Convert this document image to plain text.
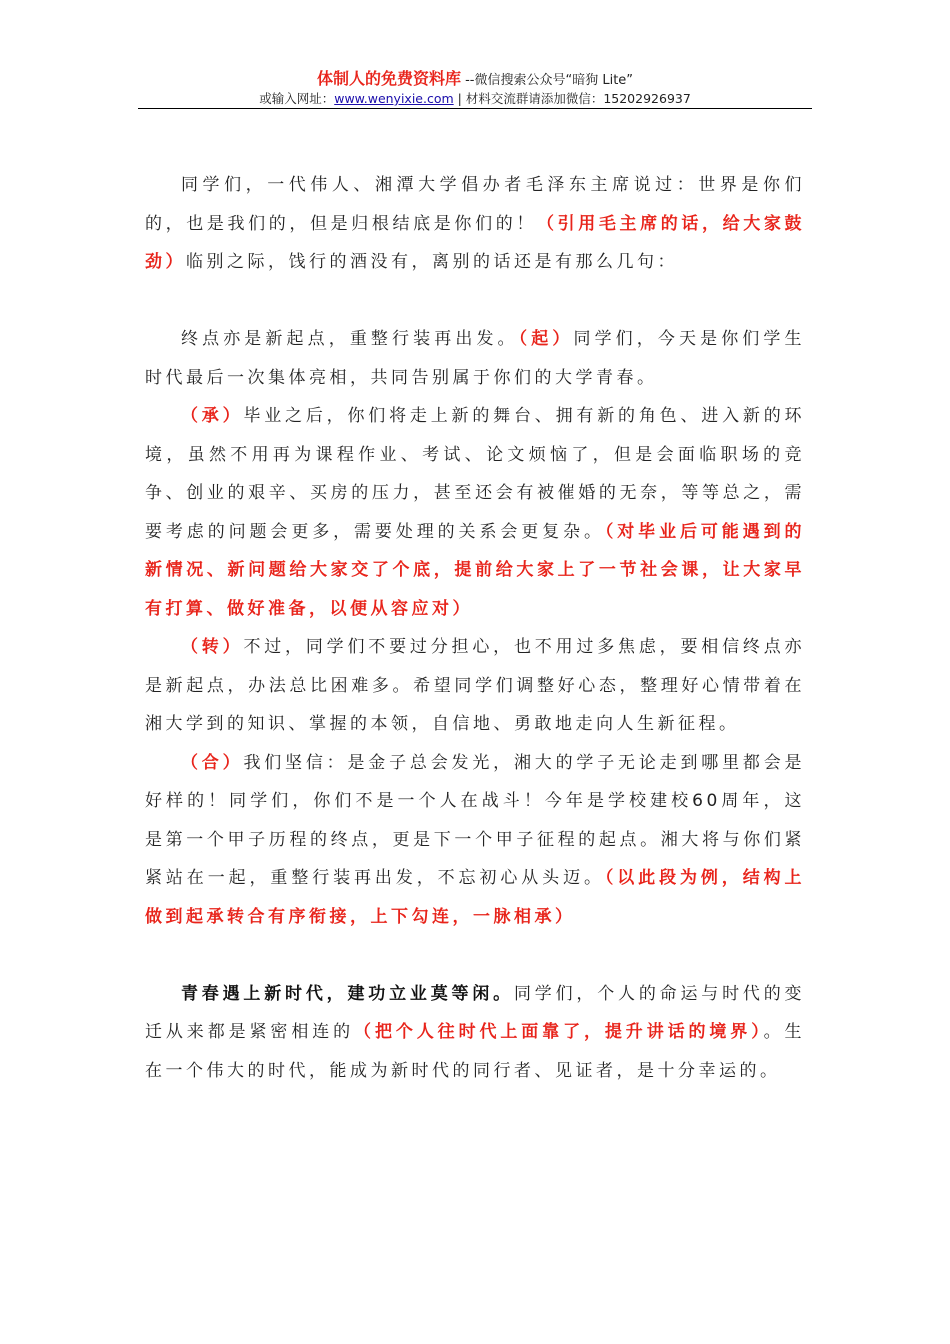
体制人的免费资料库 --微信搜索公众号“暗狗 Lite”
或输入网址：www.wenyixie.com | 材料交流群请添加微信：15202926937

同学们，一代伟人、湘潭大学倡办者毛泽东主席说过：世界是你们的，也是我们的，但是归根结底是你们的！（引用毛主席的话，给大家鼓劲）临别之际，饯行的酒没有，离别的话还是有那么几句：

终点亦是新起点，重整行装再出发。（起）同学们，今天是你们学生时代最后一次集体亮相，共同告别属于你们的大学青春。

（承）毕业之后，你们将走上新的舞台、拥有新的角色、进入新的环境，虽然不用再为课程作业、考试、论文烦恼了，但是会面临职场的竞争、创业的艰辛、买房的压力，甚至还会有被催婚的无奈，等等总之，需要考虑的问题会更多，需要处理的关系会更复杂。（对毕业后可能遇到的新情况、新问题给大家交了个底，提前给大家上了一节社会课，让大家早有打算、做好准备，以便从容应对）

（转）不过，同学们不要过分担心，也不用过多焦虑，要相信终点亦是新起点，办法总比困难多。希望同学们调整好心态，整理好心情带着在湘大学到的知识、掌握的本领，自信地、勇敢地走向人生新征程。

（合）我们坚信：是金子总会发光，湘大的学子无论走到哪里都会是好样的！同学们，你们不是一个人在战斗！今年是学校建校60周年，这是第一个甲子历程的终点，更是下一个甲子征程的起点。湘大将与你们紧紧站在一起，重整行装再出发，不忘初心从头迈。（以此段为例，结构上做到起承转合有序衔接，上下勾连，一脉相承）

青春遇上新时代，建功立业莫等闲。同学们，个人的命运与时代的变迁从来都是紧密相连的（把个人往时代上面靠了，提升讲话的境界）。生在一个伟大的时代，能成为新时代的同行者、见证者，是十分幸运的。
